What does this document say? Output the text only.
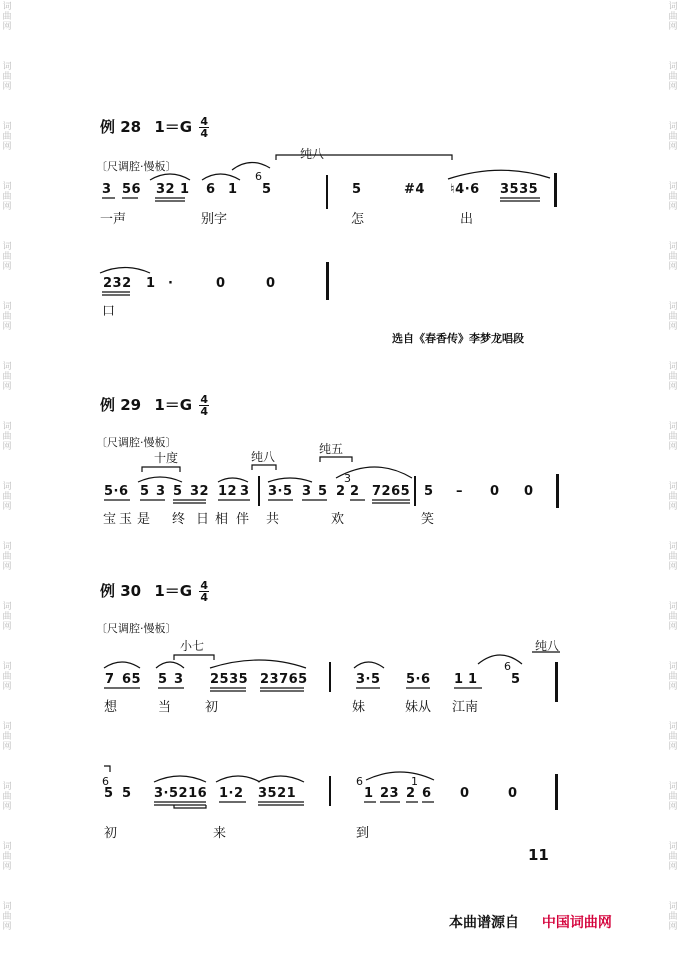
词
曲
网
词
曲
网
词
曲
网
词
曲
网
词
曲
网
词
曲
网
词
曲
网
词
曲
网
词
曲
网
词
曲
网
词
曲
网
词
曲
网
词
曲
网
词
曲
网
词
曲
网
词
曲
网
词
曲
网
词
曲
网
词
曲
网
词
曲
网
词
曲
网
词
曲
网
词
曲
网
词
曲
网
词
曲
网
词
曲
网
词
曲
网
词
曲
网
词
曲
网
词
曲
网
词
曲
网
词
曲
网
例 28 $1=G \frac{4}{4}$
〔尺调腔·慢板〕
纯八
3 56 32 1 6 1
6
5	5	#4 ♮4·6 3535
一声	别字	怎	出
232 1 ·	0	0
口
选自《春香传》李梦龙唱段
例 29 $1=G \frac{4}{4}$
〔尺调腔·慢板〕
十度	纯八
纯五
5·6 5 3 5 32 12 3 3·5 3 5 2
3
2 7265 5 – 0 0
宝 玉 是 终 日 相 伴 共	欢	笑
例 30 $1=G \frac{4}{4}$
〔尺调腔·慢板〕
小七	纯八
7 65 5 3 2535 23765	3·5 5·6 1 1
6
5
想	当	初	妹	妹从 江南
6
5 5 3·5216 1·2 3521
6
1 23
1
2 6 0	0
初	来	到
11
本曲谱源自 中国词曲网
